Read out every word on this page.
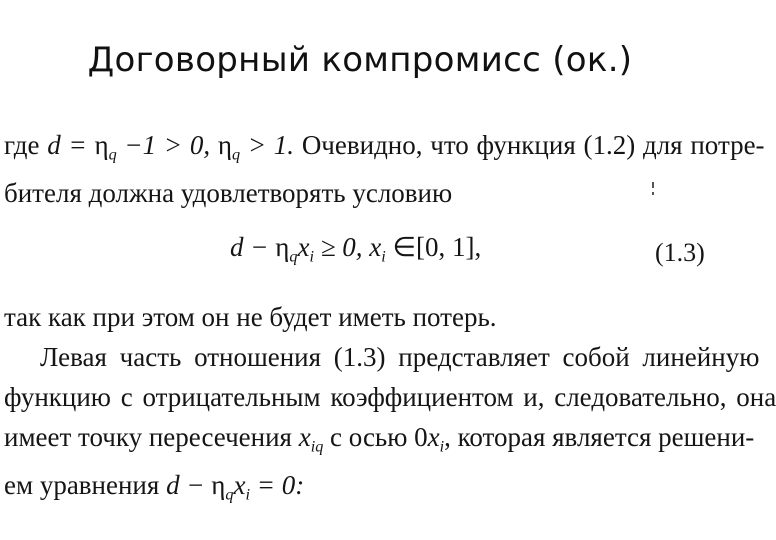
Договорный компромисс (ок.)
где $d = \eta_q -1 > 0$, $\eta_q > 1$. Очевидно, что функция (1.2) для потре-
бителя должна удовлетворять условию
$d - \eta_qx_i \ge 0$, $x_i$ ∈[0, 1],	(1.3)
так как при этом он не будет иметь потерь.
Левая часть отношения (1.3) представляет собой линейную
функцию с отрицательным коэффициентом и, следовательно, она
имеет точку пересечения $x_{iq}$ с осью $0x_i$, которая является решени-
ем уравнения $d - \eta_qx_i = 0$:
